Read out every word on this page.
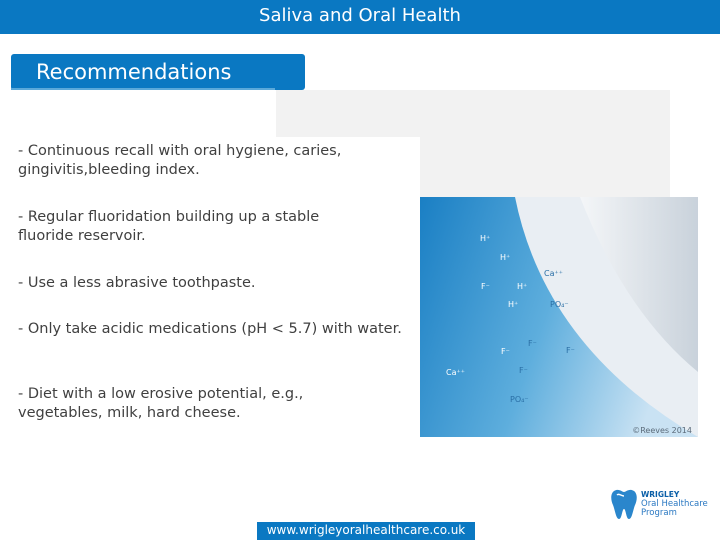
Saliva and Oral Health
Recommendations
- Continuous recall with oral hygiene, caries, gingivitis,bleeding index.
- Regular fluoridation building up a stable fluoride reservoir.
- Use a less abrasive toothpaste.
- Only take acidic medications (pH < 5.7) with water.
- Diet with a low erosive potential, e.g., vegetables, milk, hard cheese.
H⁺
H⁺
Ca⁺⁺
F⁻	H⁺
H⁺	PO₄⁻
F⁻
F⁻	F⁻
Ca⁺⁺	F⁻
PO₄⁻
©Reeves 2014
WRIGLEY
Oral Healthcare
Program
www.wrigleyoralhealthcare.co.uk
